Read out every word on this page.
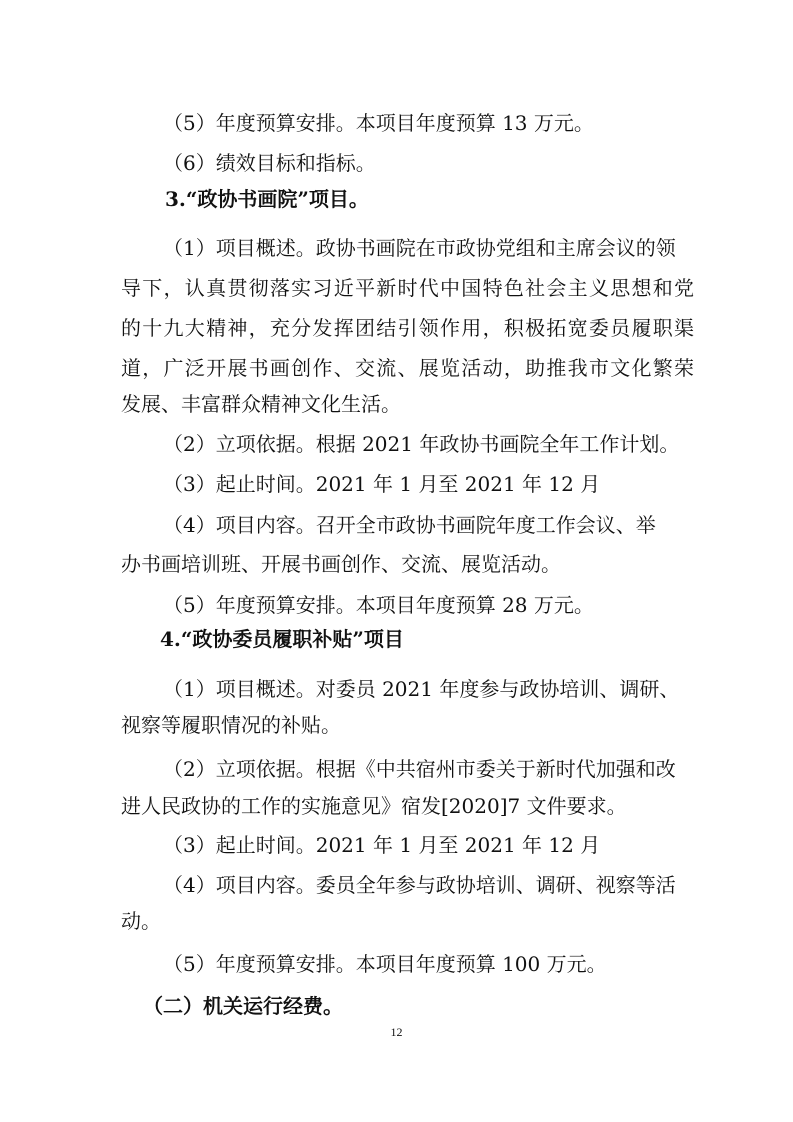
（5）年度预算安排。本项目年度预算 13 万元。
（6）绩效目标和指标。
3.“政协书画院”项目。
（1）项目概述。政协书画院在市政协党组和主席会议的领
导下，认真贯彻落实习近平新时代中国特色社会主义思想和党
的十九大精神，充分发挥团结引领作用，积极拓宽委员履职渠
道，广泛开展书画创作、交流、展览活动，助推我市文化繁荣
发展、丰富群众精神文化生活。
（2）立项依据。根据 2021 年政协书画院全年工作计划。
（3）起止时间。2021 年 1 月至 2021 年 12 月
（4）项目内容。召开全市政协书画院年度工作会议、举
办书画培训班、开展书画创作、交流、展览活动。
（5）年度预算安排。本项目年度预算 28 万元。
4.“政协委员履职补贴”项目
（1）项目概述。对委员 2021 年度参与政协培训、调研、
视察等履职情况的补贴。
（2）立项依据。根据《中共宿州市委关于新时代加强和改
进人民政协的工作的实施意见》宿发[2020]7 文件要求。
（3）起止时间。2021 年 1 月至 2021 年 12 月
（4）项目内容。委员全年参与政协培训、调研、视察等活
动。
（5）年度预算安排。本项目年度预算 100 万元。
（二）机关运行经费。
12
